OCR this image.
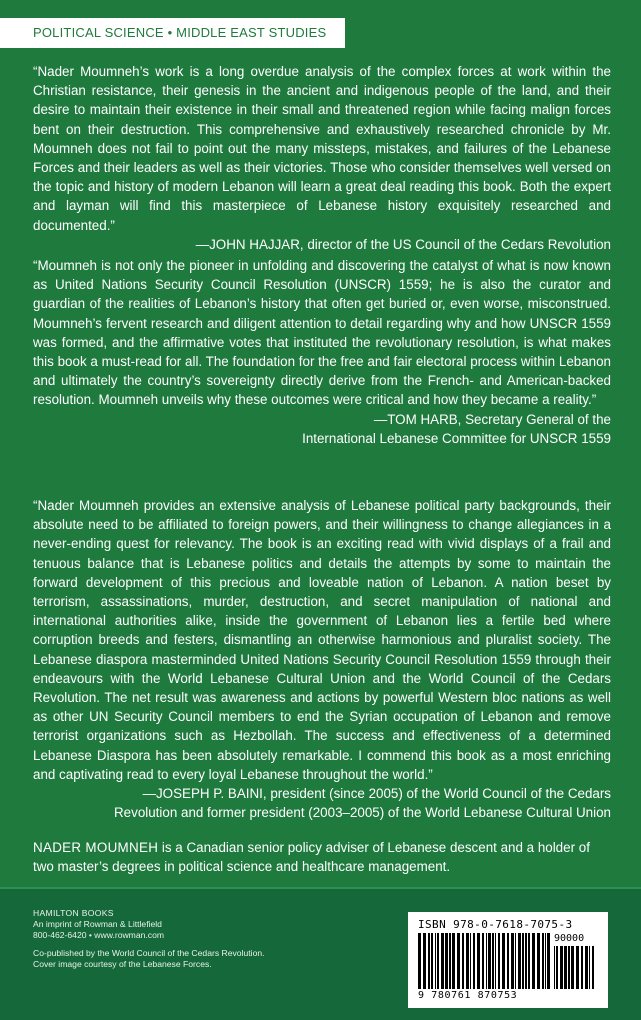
POLITICAL SCIENCE • MIDDLE EAST STUDIES

“Nader Moumneh’s work is a long overdue analysis of the complex forces at work within the Christian resistance, their genesis in the ancient and indigenous people of the land, and their desire to maintain their existence in their small and threatened region while facing malign forces bent on their destruction. This comprehensive and exhaustively researched chronicle by Mr. Moumneh does not fail to point out the many missteps, mistakes, and failures of the Lebanese Forces and their leaders as well as their victories. Those who consider themselves well versed on the topic and history of modern Lebanon will learn a great deal reading this book. Both the expert and layman will find this masterpiece of Lebanese history exquisitely researched and documented.”

—JOHN HAJJAR, director of the US Council of the Cedars Revolution

“Moumneh is not only the pioneer in unfolding and discovering the catalyst of what is now known as United Nations Security Council Resolution (UNSCR) 1559; he is also the curator and guardian of the realities of Lebanon’s history that often get buried or, even worse, misconstrued. Moumneh’s fervent research and diligent attention to detail regarding why and how UNSCR 1559 was formed, and the affirmative votes that instituted the revolutionary resolution, is what makes this book a must-read for all. The foundation for the free and fair electoral process within Lebanon and ultimately the country’s sovereignty directly derive from the French- and American-backed resolution. Moumneh unveils why these outcomes were critical and how they became a reality.”

—TOM HARB, Secretary General of the

International Lebanese Committee for UNSCR 1559

“Nader Moumneh provides an extensive analysis of Lebanese political party backgrounds, their absolute need to be affiliated to foreign powers, and their willingness to change allegiances in a never-ending quest for relevancy. The book is an exciting read with vivid displays of a frail and tenuous balance that is Lebanese politics and details the attempts by some to maintain the forward development of this precious and loveable nation of Lebanon. A nation beset by terrorism, assassinations, murder, destruction, and secret manipulation of national and international authorities alike, inside the government of Lebanon lies a fertile bed where corruption breeds and festers, dismantling an otherwise harmonious and pluralist society. The Lebanese diaspora masterminded United Nations Security Council Resolution 1559 through their endeavours with the World Lebanese Cultural Union and the World Council of the Cedars Revolution. The net result was awareness and actions by powerful Western bloc nations as well as other UN Security Council members to end the Syrian occupation of Lebanon and remove terrorist organizations such as Hezbollah. The success and effectiveness of a determined Lebanese Diaspora has been absolutely remarkable. I commend this book as a most enriching and captivating read to every loyal Lebanese throughout the world.”

—JOSEPH P. BAINI, president (since 2005) of the World Council of the Cedars

Revolution and former president (2003–2005) of the World Lebanese Cultural Union

NADER MOUMNEH is a Canadian senior policy adviser of Lebanese descent and a holder of two master’s degrees in political science and healthcare management.

HAMILTON BOOKS
An imprint of Rowman & Littlefield
800-462-6420 • www.rowman.com
Co-published by the World Council of the Cedars Revolution.
Cover image courtesy of the Lebanese Forces.
ISBN 978-0-7618-7075-3
90000
9 780761 870753
